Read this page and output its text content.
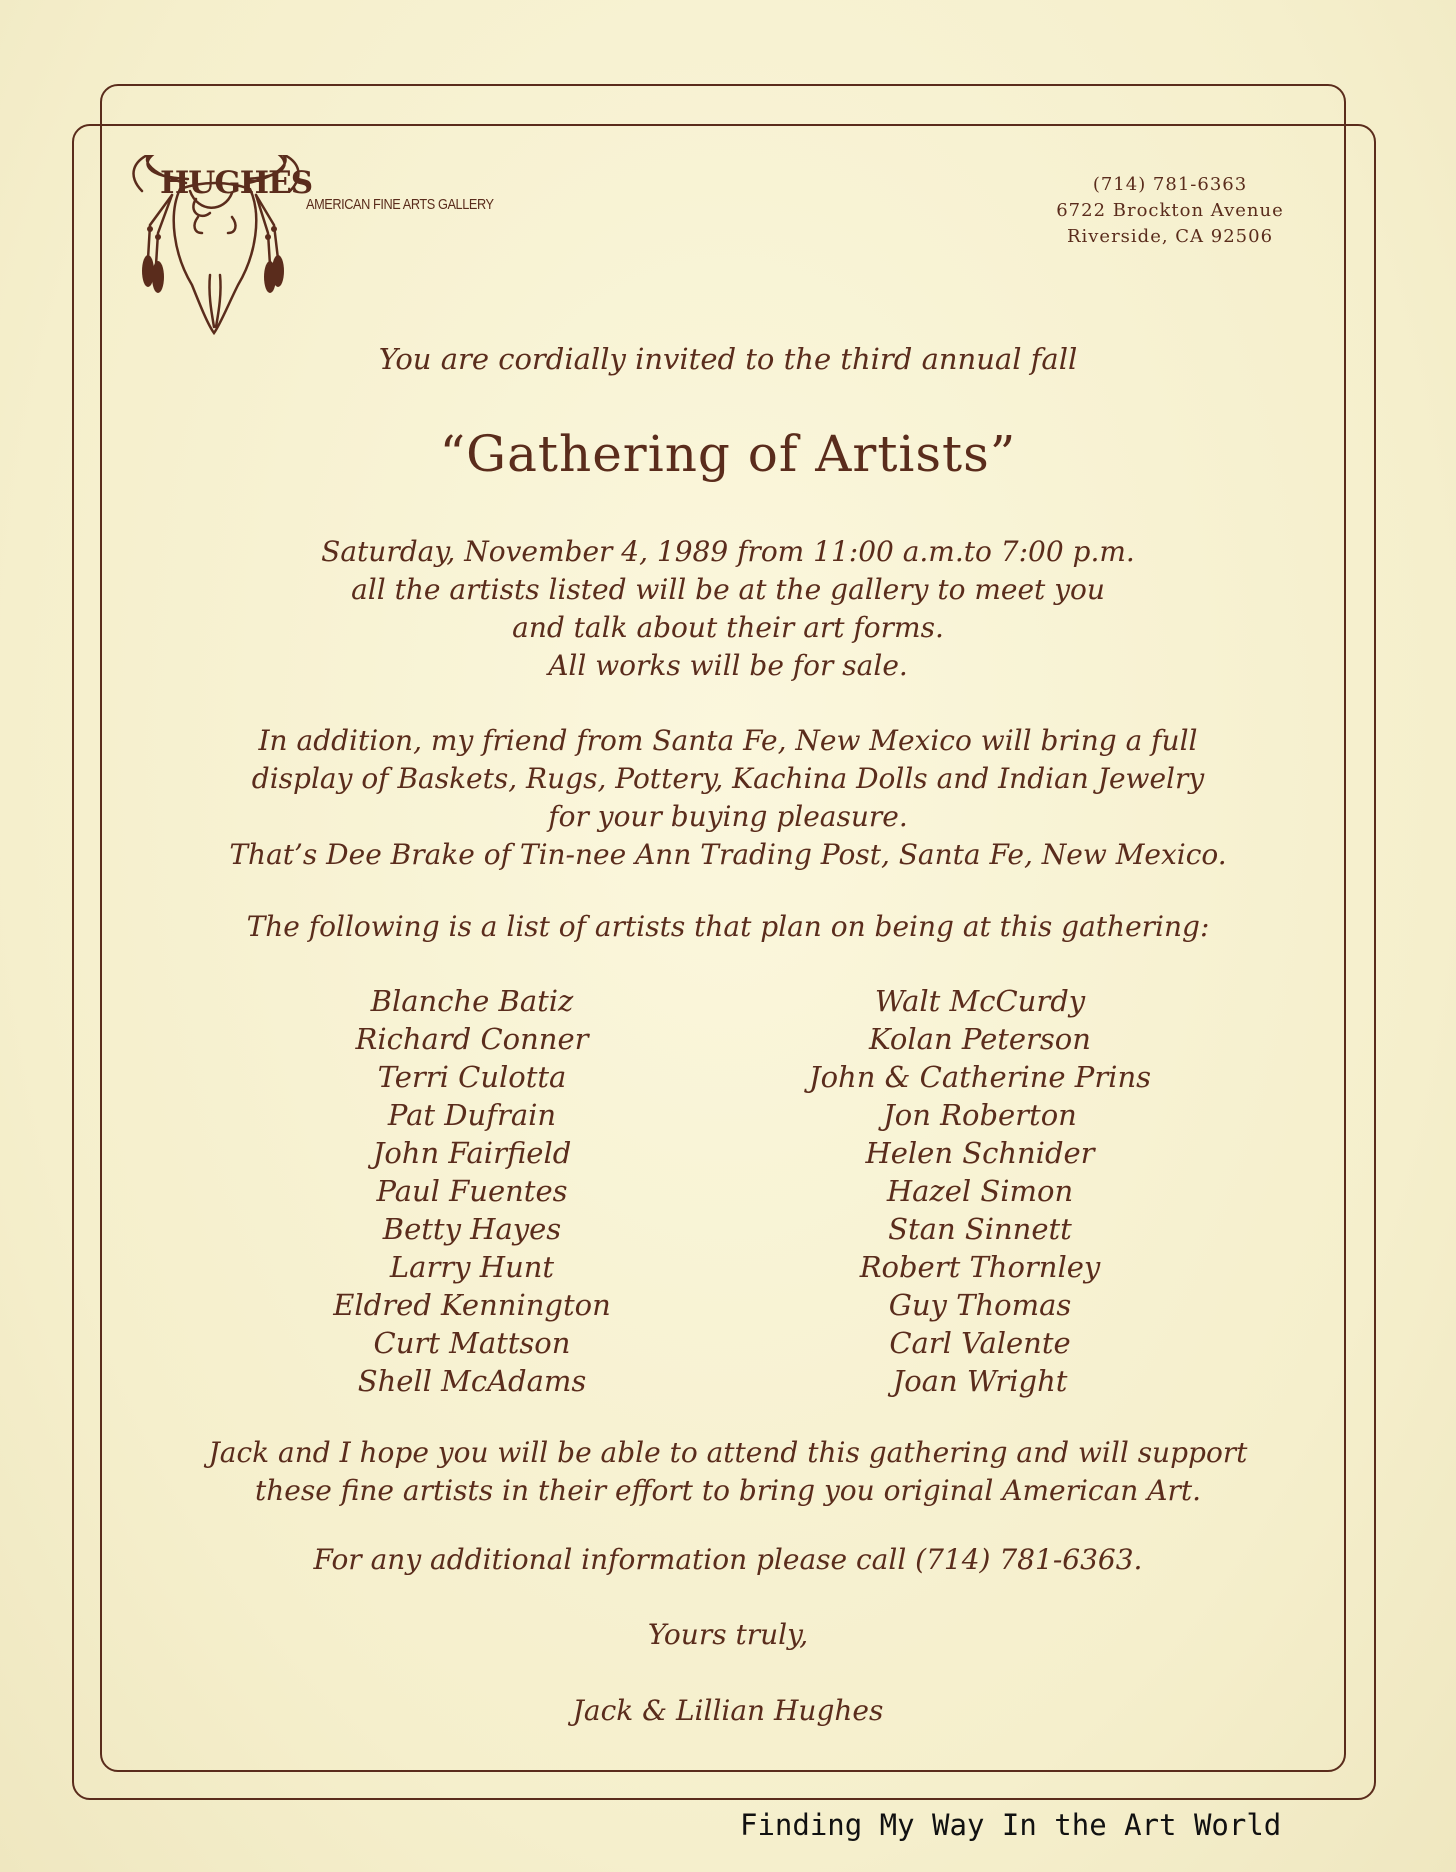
HUGHES
AMERICAN FINE ARTS GALLERY
(714) 781-6363
6722 Brockton Avenue
Riverside, CA 92506
You are cordially invited to the third annual fall
“Gathering of Artists”
Saturday, November 4, 1989 from 11:00 a.m.to 7:00 p.m.
all the artists listed will be at the gallery to meet you
and talk about their art forms.
All works will be for sale.
In addition, my friend from Santa Fe, New Mexico will bring a full
display of Baskets, Rugs, Pottery, Kachina Dolls and Indian Jewelry
for your buying pleasure.
That’s Dee Brake of Tin-nee Ann Trading Post, Santa Fe, New Mexico.
The following is a list of artists that plan on being at this gathering:
Blanche Batiz
Richard Conner
Terri Culotta
Pat Dufrain
John Fairfield
Paul Fuentes
Betty Hayes
Larry Hunt
Eldred Kennington
Curt Mattson
Shell McAdams
Walt McCurdy
Kolan Peterson
John & Catherine Prins
Jon Roberton
Helen Schnider
Hazel Simon
Stan Sinnett
Robert Thornley
Guy Thomas
Carl Valente
Joan Wright
Jack and I hope you will be able to attend this gathering and will support
these fine artists in their effort to bring you original American Art.
For any additional information please call (714) 781-6363.
Yours truly,
Jack & Lillian Hughes
Finding My Way In the Art World
